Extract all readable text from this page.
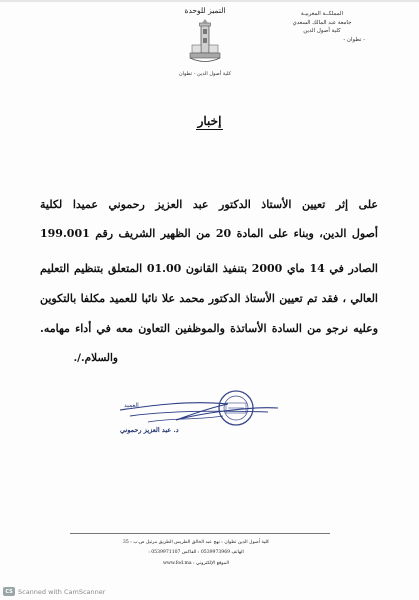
المملكــة المغربيـة
جامعة عبد المالك السعدي
كلية أصول الدين
- تطوان -
التميز للوحدة
كلية أصول الدين - تطوان
إخبار
على إثر تعيين الأستاذ الدكتور عبد العزيز رحموني عميدا لكلية
أصول الدين، وبناء على المادة 20 من الظهير الشريف رقم 199.001
الصادر في 14 ماي 2000 بتنفيذ القانون 01.00 المتعلق بتنظيم التعليم
العالي ، فقد تم تعيين الأستاذ الدكتور محمد علا نائبا للعميد مكلفا بالتكوين
وعليه نرجو من السادة الأساتذة والموظفين التعاون معه في أداء مهامه.
والسلام./.
العميد
د. عبد العزيز رحموني
كلية أصول الدين تطوان : نهج عبد الخالق الطريس الطريق مرتيل ص.ب : 35
الهاتف 0539973969 : الفاكس 0539971107 :
الموقع الإلكتروني : www.fod.ma
CS Scanned with CamScanner
